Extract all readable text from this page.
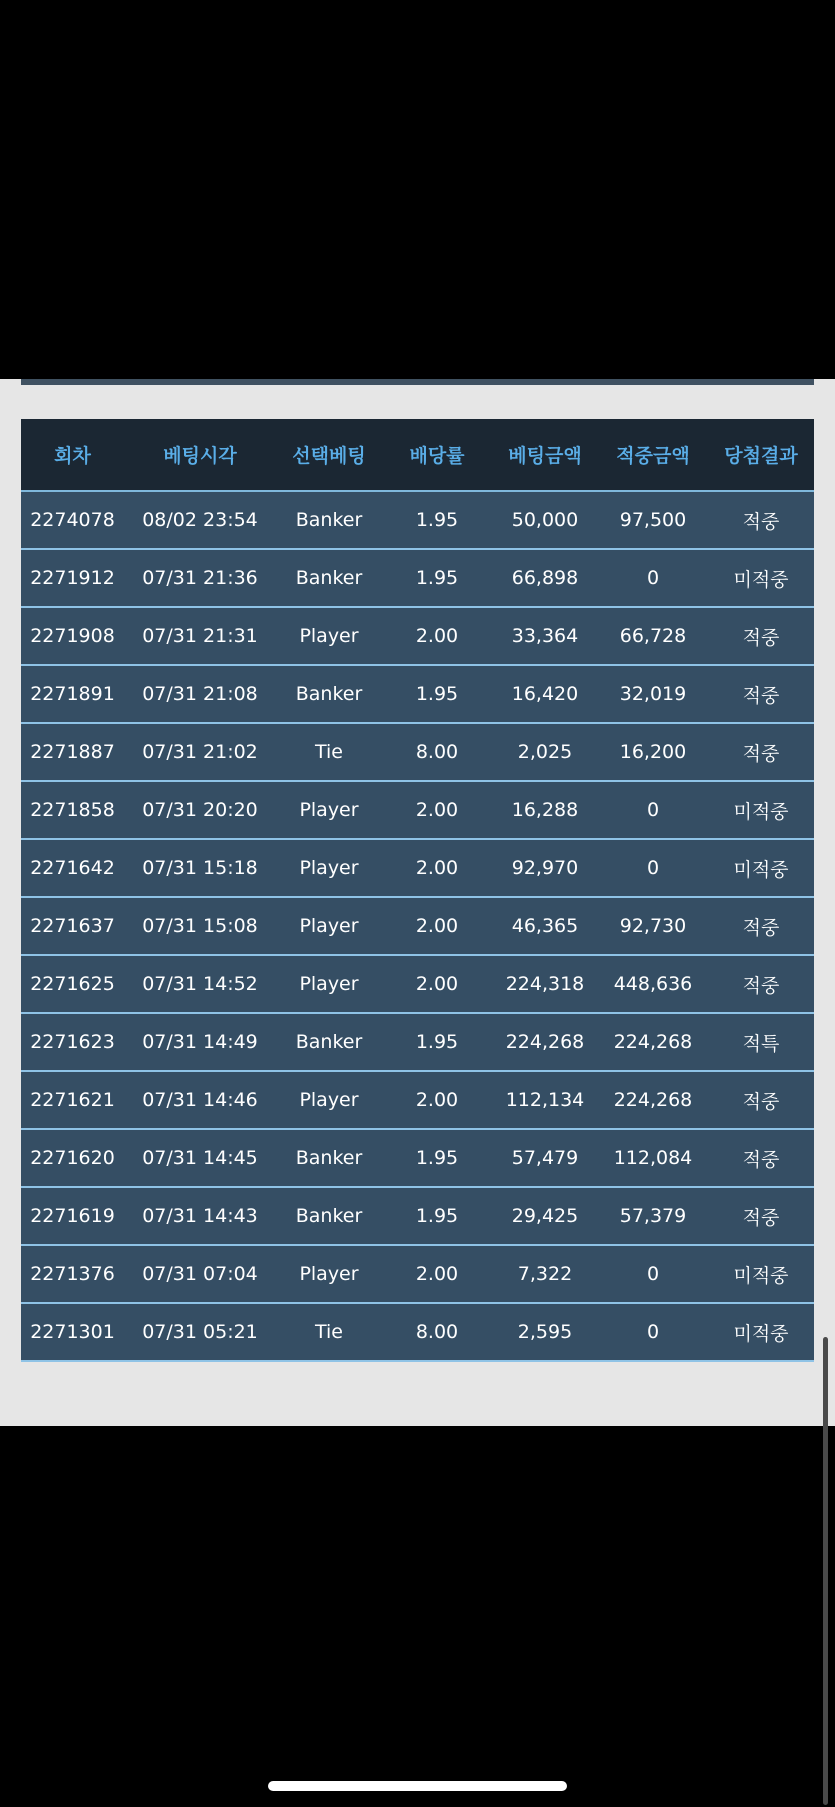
회차	베팅시각	선택베팅	배당률	베팅금액	적중금액	당첨결과
2274078	08/02 23:54	Banker	1.95	50,000	97,500	적중
2271912	07/31 21:36	Banker	1.95	66,898	0	미적중
2271908	07/31 21:31	Player	2.00	33,364	66,728	적중
2271891	07/31 21:08	Banker	1.95	16,420	32,019	적중
2271887	07/31 21:02	Tie	8.00	2,025	16,200	적중
2271858	07/31 20:20	Player	2.00	16,288	0	미적중
2271642	07/31 15:18	Player	2.00	92,970	0	미적중
2271637	07/31 15:08	Player	2.00	46,365	92,730	적중
2271625	07/31 14:52	Player	2.00	224,318	448,636	적중
2271623	07/31 14:49	Banker	1.95	224,268	224,268	적특
2271621	07/31 14:46	Player	2.00	112,134	224,268	적중
2271620	07/31 14:45	Banker	1.95	57,479	112,084	적중
2271619	07/31 14:43	Banker	1.95	29,425	57,379	적중
2271376	07/31 07:04	Player	2.00	7,322	0	미적중
2271301	07/31 05:21	Tie	8.00	2,595	0	미적중
